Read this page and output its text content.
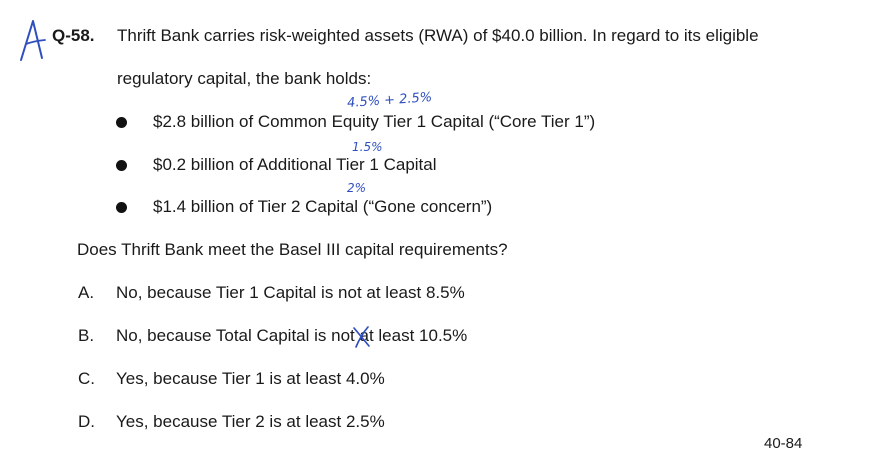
Q-58. Thrift Bank carries risk-weighted assets (RWA) of $40.0 billion. In regard to its eligible
regulatory capital, the bank holds:
$2.8 billion of Common Equity Tier 1 Capital (“Core Tier 1”)
4.5% + 2.5%
$0.2 billion of Additional Tier 1 Capital
1.5%
$1.4 billion of Tier 2 Capital (“Gone concern”)
2%
Does Thrift Bank meet the Basel III capital requirements?
A. No, because Tier 1 Capital is not at least 8.5%
B. No, because Total Capital is not at least 10.5%
C. Yes, because Tier 1 is at least 4.0%
D. Yes, because Tier 2 is at least 2.5%
40-84
